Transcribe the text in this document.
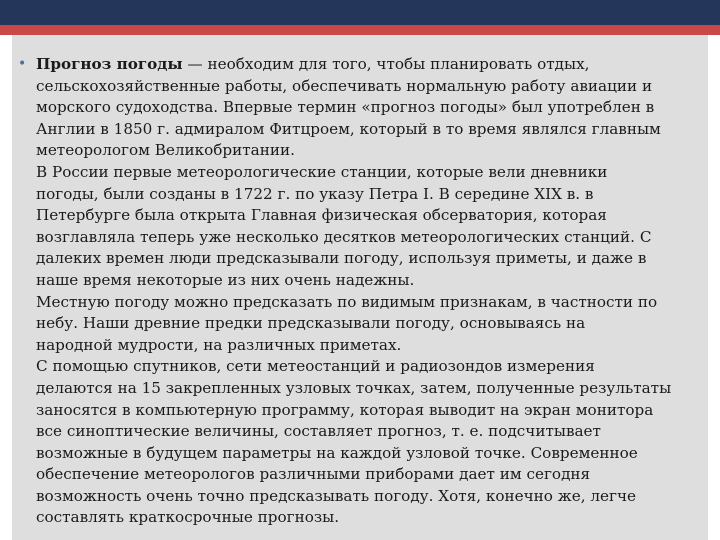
• Прогноз погоды — необходим для того, чтобы планировать отдых,
сельскохозяйственные работы, обеспечивать нормальную работу авиации и
морского судоходства. Впервые термин «прогноз погоды» был употреблен в
Англии в 1850 г. адмиралом Фитцроем, который в то время являлся главным
метеорологом Великобритании.
В России первые метеорологические станции, которые вели дневники
погоды, были созданы в 1722 г. по указу Петра I. В середине XIX в. в
Петербурге была открыта Главная физическая обсерватория, которая
возглавляла теперь уже несколько десятков метеорологических станций. С
далеких времен люди предсказывали погоду, используя приметы, и даже в
наше время некоторые из них очень надежны.
Местную погоду можно предсказать по видимым признакам, в частности по
небу. Наши древние предки предсказывали погоду, основываясь на
народной мудрости, на различных приметах.
С помощью спутников, сети метеостанций и радиозондов измерения
делаются на 15 закрепленных узловых точках, затем, полученные результаты
заносятся в компьютерную программу, которая выводит на экран монитора
все синоптические величины, составляет прогноз, т. е. подсчитывает
возможные в будущем параметры на каждой узловой точке. Современное
обеспечение метеорологов различными приборами дает им сегодня
возможность очень точно предсказывать погоду. Хотя, конечно же, легче
составлять краткосрочные прогнозы.
